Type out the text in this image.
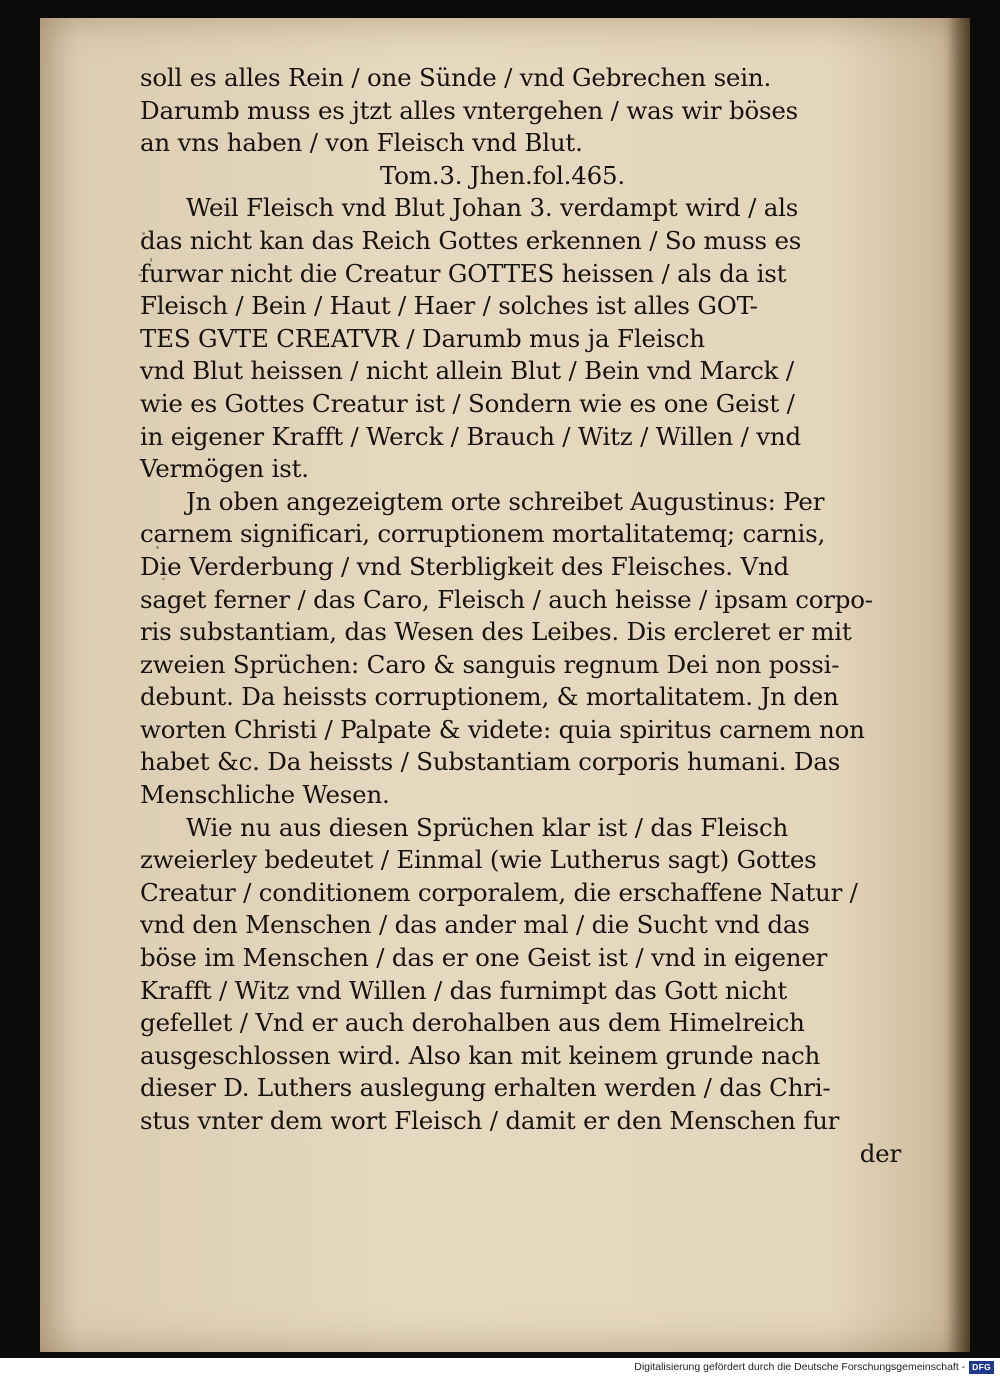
soll es alles Rein / one Sünde / vnd Gebrechen sein.
Darumb muss es jtzt alles vntergehen / was wir böses
an vns haben / von Fleisch vnd Blut.
Tom.3. Jhen.fol.465.
Weil Fleisch vnd Blut Johan 3. verdampt wird / als
das nicht kan das Reich Gottes erkennen / So muss es
furwar nicht die Creatur GOTTES heissen / als da ist
Fleisch / Bein / Haut / Haer / solches ist alles GOT-
TES GVTE CREATVR / Darumb mus ja Fleisch
vnd Blut heissen / nicht allein Blut / Bein vnd Marck /
wie es Gottes Creatur ist / Sondern wie es one Geist /
in eigener Krafft / Werck / Brauch / Witz / Willen / vnd
Vermögen ist.
Jn oben angezeigtem orte schreibet Augustinus: Per
carnem significari, corruptionem mortalitatemq; carnis,
Die Verderbung / vnd Sterbligkeit des Fleisches. Vnd
saget ferner / das Caro, Fleisch / auch heisse / ipsam corpo-
ris substantiam, das Wesen des Leibes. Dis ercleret er mit
zweien Sprüchen: Caro & sanguis regnum Dei non possi-
debunt. Da heissts corruptionem, & mortalitatem. Jn den
worten Christi / Palpate & videte: quia spiritus carnem non
habet &c. Da heissts / Substantiam corporis humani. Das
Menschliche Wesen.
Wie nu aus diesen Sprüchen klar ist / das Fleisch
zweierley bedeutet / Einmal (wie Lutherus sagt) Gottes
Creatur / conditionem corporalem, die erschaffene Natur /
vnd den Menschen / das ander mal / die Sucht vnd das
böse im Menschen / das er one Geist ist / vnd in eigener
Krafft / Witz vnd Willen / das furnimpt das Gott nicht
gefellet / Vnd er auch derohalben aus dem Himelreich
ausgeschlossen wird. Also kan mit keinem grunde nach
dieser D. Luthers auslegung erhalten werden / das Chri-
stus vnter dem wort Fleisch / damit er den Menschen fur
der
Digitalisierung gefördert durch die Deutsche Forschungsgemeinschaft - DFG
